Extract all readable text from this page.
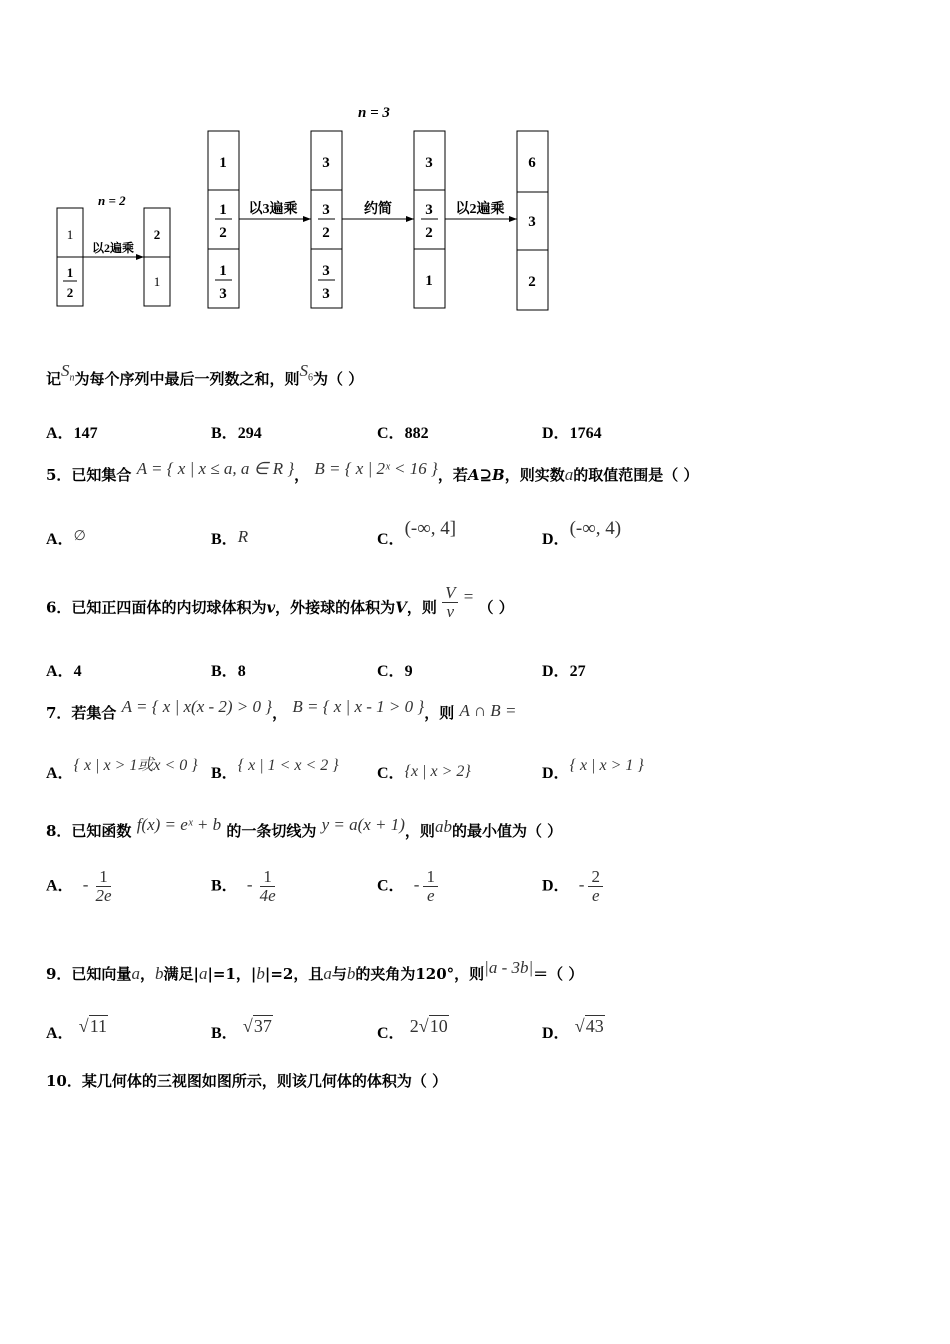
n = 3
n = 2
1
1
2
以2遍乘
2
1
1
1
2
1
3
以3遍乘
3
3
2
3
3
约简
3
3
2
1
以2遍乘
6
3
2
记$S_n$为每个序列中最后一列数之和，则$S_6$为（ ）
A．147	B．294	C．882	D．1764
5．已知集合 A = { x | x ≤ a, a ∈ R }， B = { x | 2ˣ < 16 }，若A⊇B，则实数a的取值范围是（ ）
A．∅	B．R	C．(-∞, 4]
D．(-∞, 4)
6．已知正四面体的内切球体积为v，外接球的体积为V，则 $\frac{V}{v}$ = （ ）
A．4	B．8	C．9	D．27
7．若集合 A = { x | x(x - 2) > 0 }， B = { x | x - 1 > 0 }，则 A ∩ B =
A．{ x | x > 1或x < 0 } B．{ x | 1 < x < 2 } C．{x | x > 2}	D．{ x | x > 1 }
8．已知函数 f(x) = eˣ + b 的一条切线为 y = a(x + 1)，则ab的最小值为（ ）
A． - $\frac{1}{2e}$	B． - $\frac{1}{4e}$	C． - $\frac{1}{e}$	D． - $\frac{2}{e}$
9．已知向量a，b满足|a|=1，|b|=2，且a与b的夹角为120°，则|a - 3b|＝（ ）
A． √11	B． √37	C． 2√10	D． √43
10．某几何体的三视图如图所示，则该几何体的体积为（ ）
